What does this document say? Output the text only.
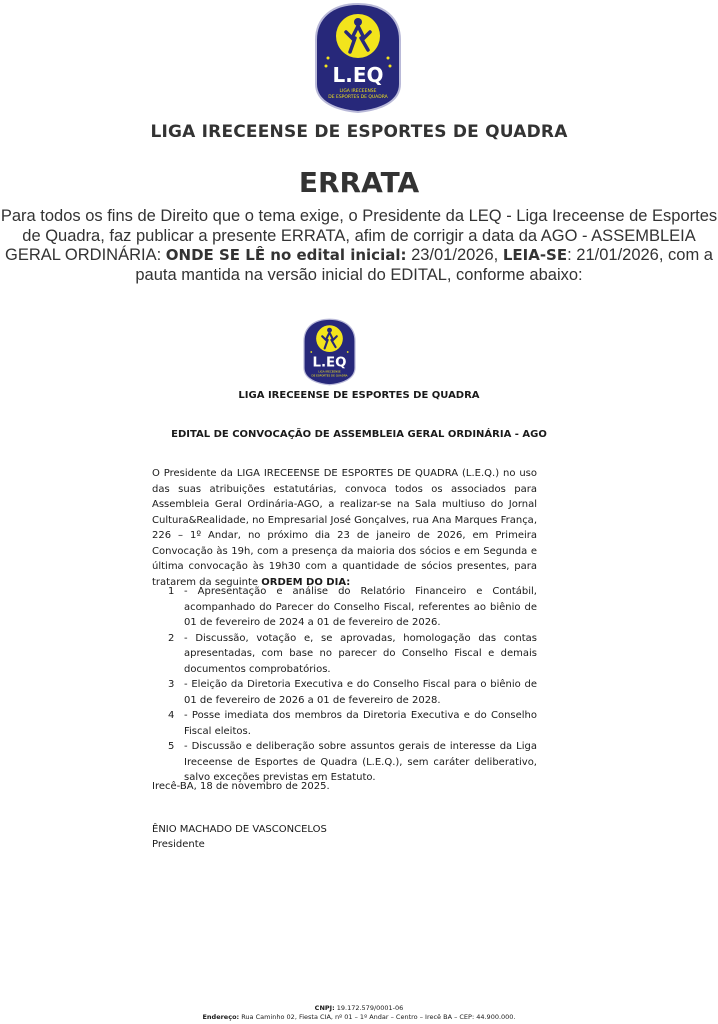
L.EQ
LIGA IRECEENSE
DE ESPORTES DE QUADRA
LIGA IRECEENSE DE ESPORTES DE QUADRA
ERRATA
Para todos os fins de Direito que o tema exige, o Presidente da LEQ - Liga Ireceense de Esportes de Quadra, faz publicar a presente ERRATA, afim de corrigir a data da AGO - ASSEMBLEIA GERAL ORDINÁRIA: ONDE SE LÊ no edital inicial: 23/01/2026, LEIA-SE: 21/01/2026, com a pauta mantida na versão inicial do EDITAL, conforme abaixo:
L.EQ
LIGA IRECEENSE
DE ESPORTES DE QUADRA
LIGA IRECEENSE DE ESPORTES DE QUADRA
EDITAL DE CONVOCAÇÃO DE ASSEMBLEIA GERAL ORDINÁRIA - AGO
O Presidente da LIGA IRECEENSE DE ESPORTES DE QUADRA (L.E.Q.) no uso das suas atribuições estatutárias, convoca todos os associados para Assembleia Geral Ordinária-AGO, a realizar-se na Sala multiuso do Jornal Cultura&Realidade, no Empresarial José Gonçalves, rua Ana Marques França, 226 – 1º Andar, no próximo dia 23 de janeiro de 2026, em Primeira Convocação às 19h, com a presença da maioria dos sócios e em Segunda e última convocação às 19h30 com a quantidade de sócios presentes, para tratarem da seguinte ORDEM DO DIA:
1 - Apresentação e análise do Relatório Financeiro e Contábil, acompanhado do Parecer do Conselho Fiscal, referentes ao biênio de 01 de fevereiro de 2024 a 01 de fevereiro de 2026.
2 - Discussão, votação e, se aprovadas, homologação das contas apresentadas, com base no parecer do Conselho Fiscal e demais documentos comprobatórios.
3 - Eleição da Diretoria Executiva e do Conselho Fiscal para o biênio de 01 de fevereiro de 2026 a 01 de fevereiro de 2028.
4 - Posse imediata dos membros da Diretoria Executiva e do Conselho Fiscal eleitos.
5 - Discussão e deliberação sobre assuntos gerais de interesse da Liga Ireceense de Esportes de Quadra (L.E.Q.), sem caráter deliberativo, salvo exceções previstas em Estatuto.
Irecê-BA, 18 de novembro de 2025.
ÊNIO MACHADO DE VASCONCELOS
Presidente
CNPJ: 19.172.579/0001-06
Endereço: Rua Caminho 02, Fiesta CIA, nº 01 – 1º Andar – Centro – Irecê BA – CEP: 44.900.000.
